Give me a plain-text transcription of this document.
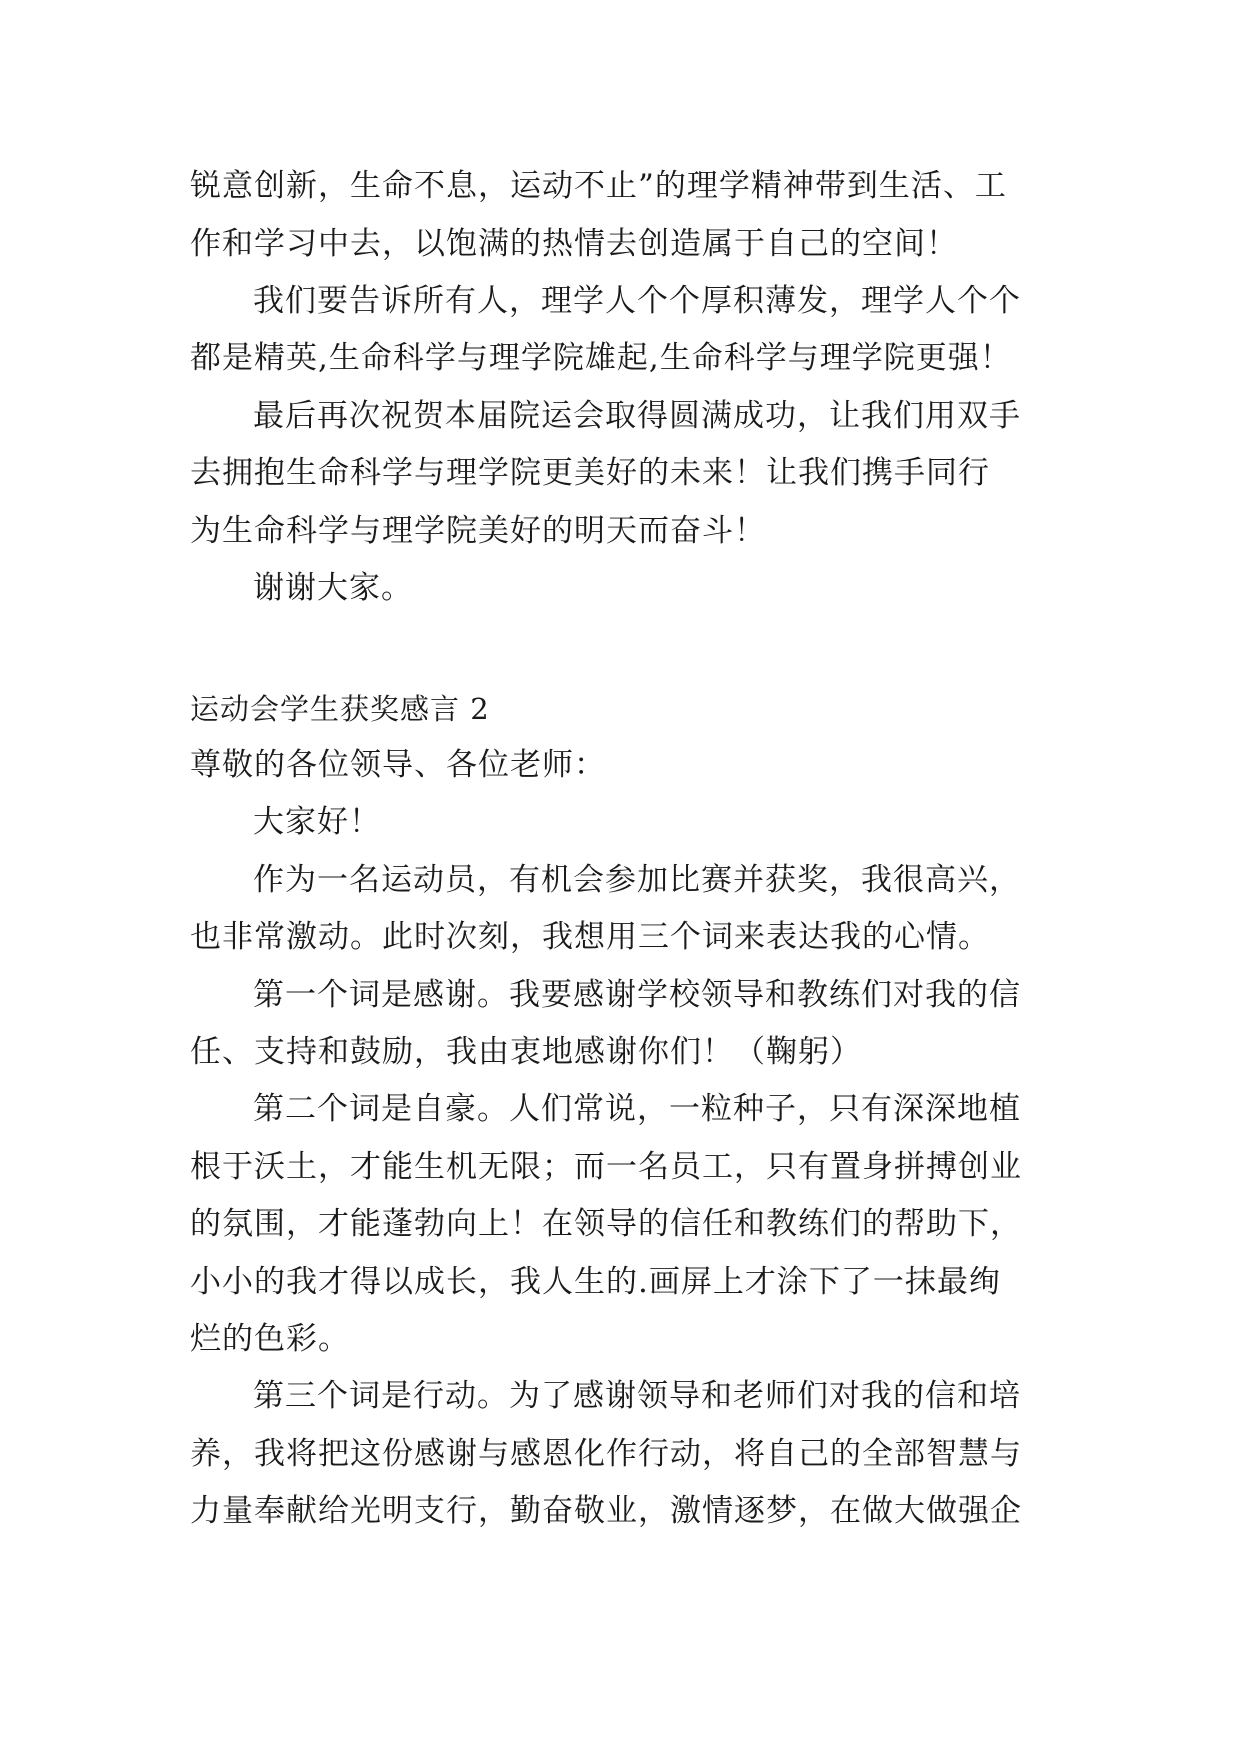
锐意创新，生命不息，运动不止”的理学精神带到生活、工
作和学习中去，以饱满的热情去创造属于自己的空间！
我们要告诉所有人，理学人个个厚积薄发，理学人个个
都是精英,生命科学与理学院雄起,生命科学与理学院更强！
最后再次祝贺本届院运会取得圆满成功，让我们用双手
去拥抱生命科学与理学院更美好的未来！让我们携手同行
为生命科学与理学院美好的明天而奋斗！
谢谢大家。
运动会学生获奖感言 2
尊敬的各位领导、各位老师：
大家好！
作为一名运动员，有机会参加比赛并获奖，我很高兴，
也非常激动。此时次刻，我想用三个词来表达我的心情。
第一个词是感谢。我要感谢学校领导和教练们对我的信
任、支持和鼓励，我由衷地感谢你们！（鞠躬）
第二个词是自豪。人们常说，一粒种子，只有深深地植
根于沃土，才能生机无限；而一名员工，只有置身拼搏创业
的氛围，才能蓬勃向上！在领导的信任和教练们的帮助下，
小小的我才得以成长，我人生的.画屏上才涂下了一抹最绚
烂的色彩。
第三个词是行动。为了感谢领导和老师们对我的信和培
养，我将把这份感谢与感恩化作行动，将自己的全部智慧与
力量奉献给光明支行，勤奋敬业，激情逐梦，在做大做强企
